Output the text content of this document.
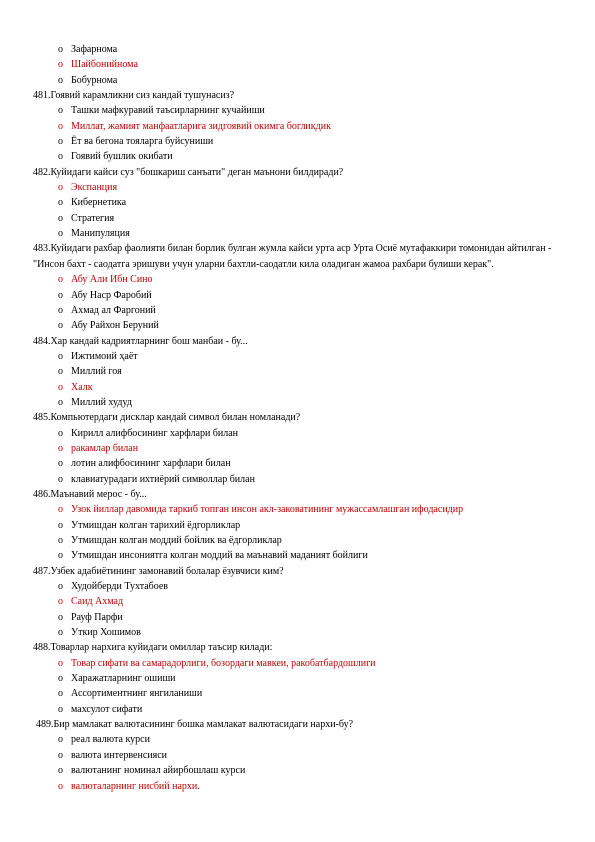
o Зафарнома
o Шайбонийнома
o Бобурнома
481.Гоявий карамликни сиз кандай тушунасиз?
o Ташки мафкуравий таъсирларнинг кучайиши
o Миллат, жамият манфаатларига зидгоявий окимга богликдик
o Ёт ва бегона тояларга буйсуниши
o Гоявий бушлик окибати
482.Куйидаги кайси суз "бошкариш санъати" деган маънони билдиради?
o Экспанция
o Кибернетика
o Стратегия
o Манипуляция
483.Куйидаги рахбар фаолияти билан борлик булган жумла кайси урта аср Урта Осиё мутафаккири томонидан айтилган - "Инсон бахт - саодатга эришуви учун уларни бахтли-саодатли кила оладиган жамоа рахбари булиши керак".
o Абу Али Ибн Сино
o Абу Наср Фаробий
o Ахмад ал Фаргоний
o Абу Райхон Беруний
484.Хар кандай кадриятларнинг бош манбаи - бу...
o Ижтимоий ҳаёт
o Миллий гоя
o Халк
o Миллий худуд
485.Компьютердаги дисклар кандай символ билан номланади?
o Кирилл алифбосининг харфлари билан
o ракамлар билан
o лотин алифбосининг харфлари билан
o клавиатурадаги ихтиёрий символлар билан
486.Маънавий мерос - бу...
o Узок йиллар давомида таркиб топган инсон акл-заковатининг мужассамлашган ифодасидир
o Утмишдан колган тарихий ёдгорликлар
o Утмишдан колган моддий бойлик ва ёдгорликлар
o Утмишдан инсониятга колган моддий ва маънавий маданият бойлиги
487.Узбек адабиётининг замонавий болалар ёзувчиси ким?
o Худойберди Тухтабоев
o Саид Ахмад
o Рауф Парфи
o Уткир Хошимов
488.Товарлар нархига куйидаги омиллар таъсир килади:
o Товар сифати ва самарадорлиги, бозордаги мавкеи, ракобатбардошлиги
o Харажатларнинг ошиши
o Ассортиментнинг янгиланиши
o махсулот сифати
489.Бир мамлакат валютасининг бошка мамлакат валютасидаги нархи-бу?
o реал валюта курси
o валюта интервенсияси
o валютанинг номинал айирбошлаш курси
o валюталарнинг нисбий нархи.
